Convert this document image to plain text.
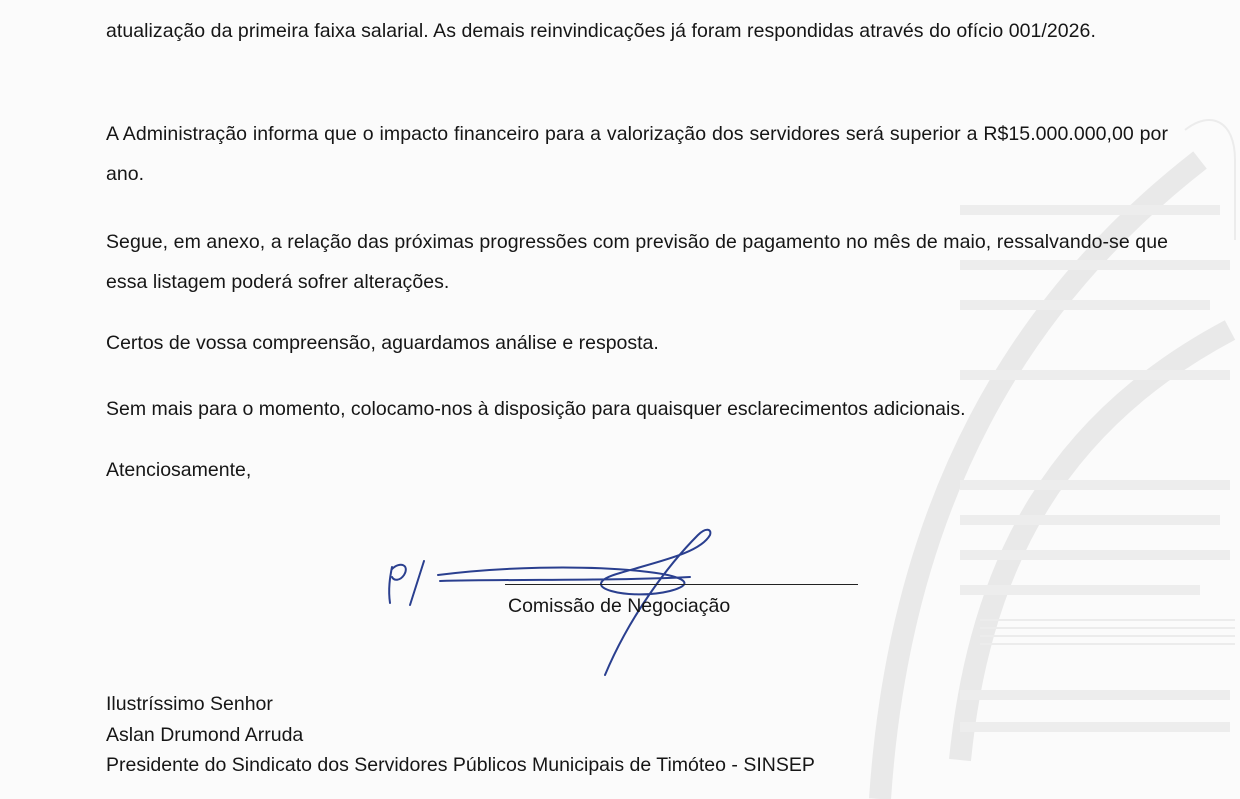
atualização da primeira faixa salarial. As demais reinvindicações já foram respondidas através do ofício 001/2026.

A Administração informa que o impacto financeiro para a valorização dos servidores será superior a R$15.000.000,00 por ano.

Segue, em anexo, a relação das próximas progressões com previsão de pagamento no mês de maio, ressalvando-se que essa listagem poderá sofrer alterações.

Certos de vossa compreensão, aguardamos análise e resposta.

Sem mais para o momento, colocamo-nos à disposição para quaisquer esclarecimentos adicionais.

Atenciosamente,

Comissão de Negociação

Ilustríssimo Senhor

Aslan Drumond Arruda

Presidente do Sindicato dos Servidores Públicos Municipais de Timóteo - SINSEP
